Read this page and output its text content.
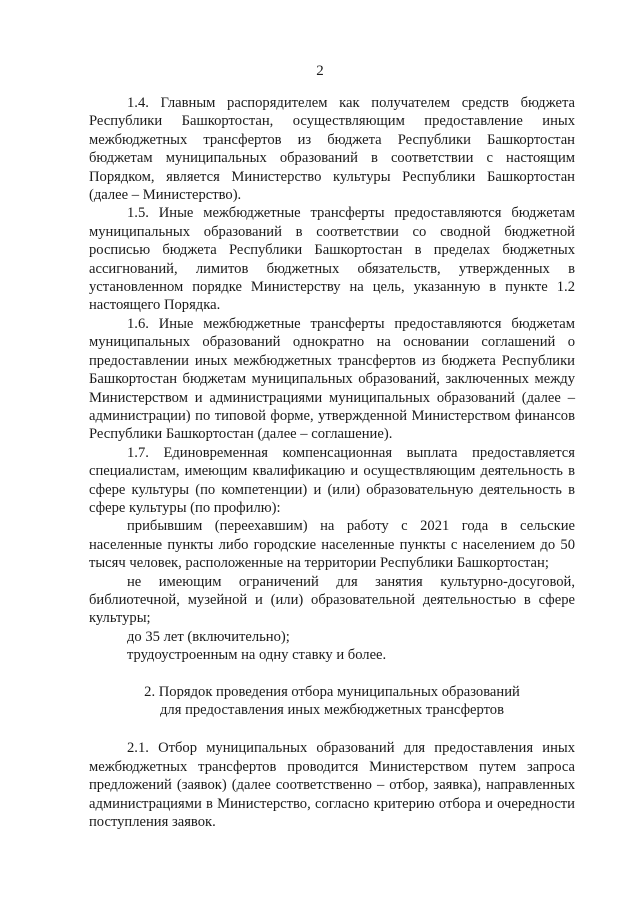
2

1.4. Главным распорядителем как получателем средств бюджета Республики Башкортостан, осуществляющим предоставление иных межбюджетных трансфертов из бюджета Республики Башкортостан бюджетам муниципальных образований в соответствии с настоящим Порядком, является Министерство культуры Республики Башкортостан (далее – Министерство).

1.5. Иные межбюджетные трансферты предоставляются бюджетам муниципальных образований в соответствии со сводной бюджетной росписью бюджета Республики Башкортостан в пределах бюджетных ассигнований, лимитов бюджетных обязательств, утвержденных в установленном порядке Министерству на цель, указанную в пункте 1.2 настоящего Порядка.

1.6. Иные межбюджетные трансферты предоставляются бюджетам муниципальных образований однократно на основании соглашений о предоставлении иных межбюджетных трансфертов из бюджета Республики Башкортостан бюджетам муниципальных образований, заключенных между Министерством и администрациями муниципальных образований (далее – администрации) по типовой форме, утвержденной Министерством финансов Республики Башкортостан (далее – соглашение).

1.7. Единовременная компенсационная выплата предоставляется специалистам, имеющим квалификацию и осуществляющим деятельность в сфере культуры (по компетенции) и (или) образовательную деятельность в сфере культуры (по профилю):

прибывшим (переехавшим) на работу с 2021 года в сельские населенные пункты либо городские населенные пункты с населением до 50 тысяч человек, расположенные на территории Республики Башкортостан;

не имеющим ограничений для занятия культурно-досуговой, библиотечной, музейной и (или) образовательной деятельностью в сфере культуры;

до 35 лет (включительно);

трудоустроенным на одну ставку и более.

2. Порядок проведения отбора муниципальных образований

для предоставления иных межбюджетных трансфертов

2.1. Отбор муниципальных образований для предоставления иных межбюджетных трансфертов проводится Министерством путем запроса предложений (заявок) (далее соответственно – отбор, заявка), направленных администрациями в Министерство, согласно критерию отбора и очередности поступления заявок.
